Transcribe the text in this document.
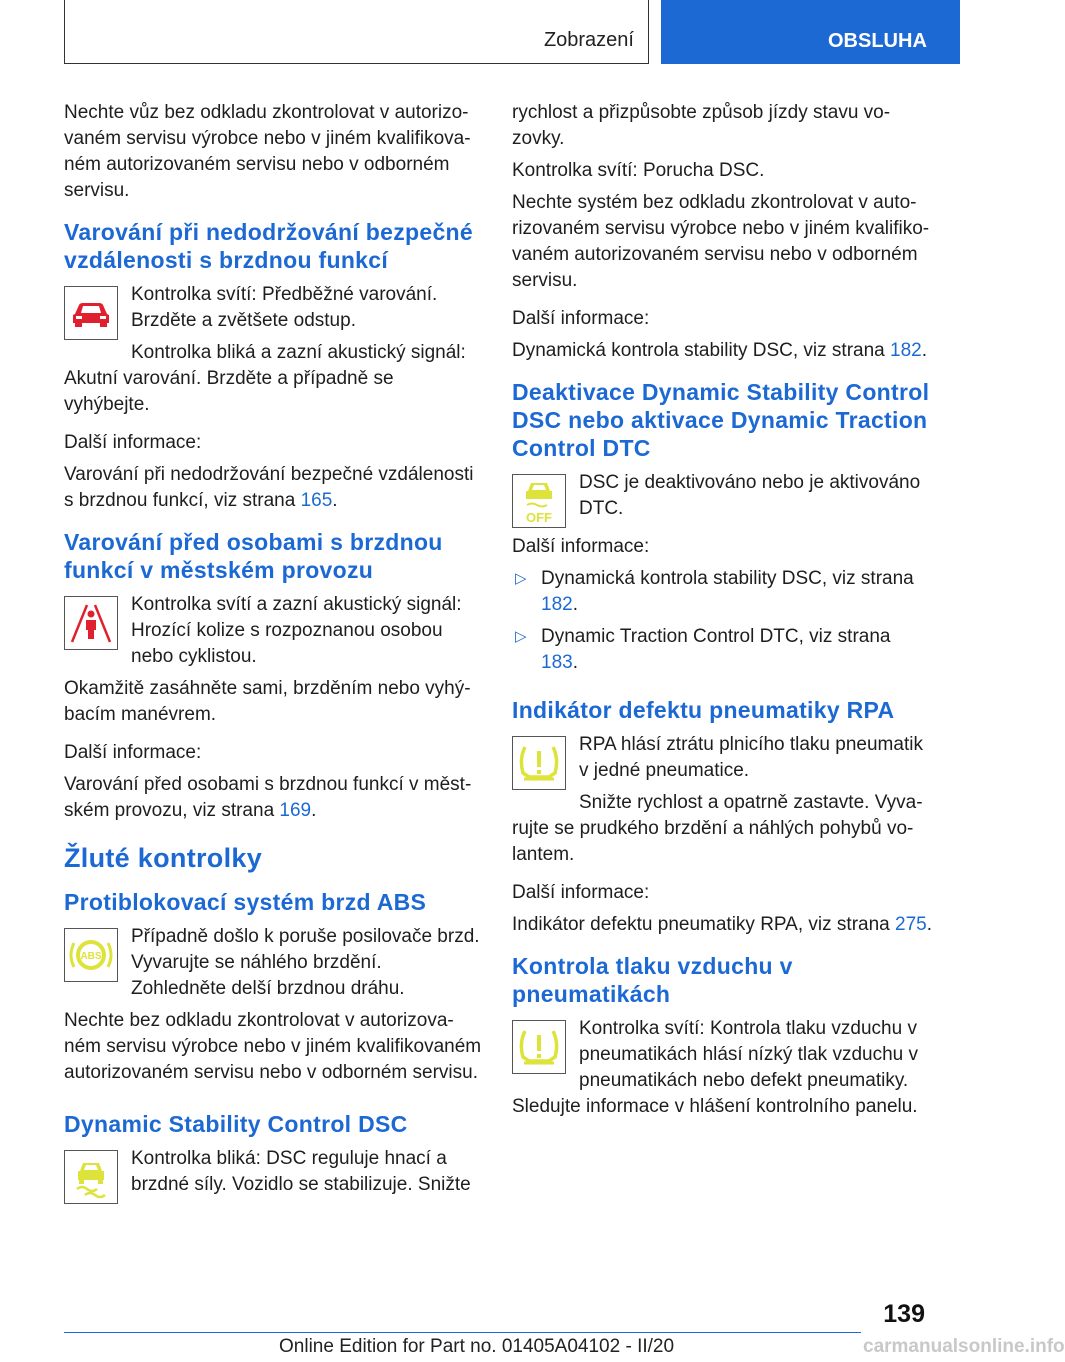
Zobrazení	OBSLUHA

Nechte vůz bez odkladu zkontrolovat v autorizovaném servisu výrobce nebo v jiném kvalifikovaném autorizovaném servisu nebo v odborném servisu.

Varování při nedodržování bezpečné vzdálenosti s brzdnou funkcí

Kontrolka svítí: Předběžné varování. Brzděte a zvětšete odstup.

Kontrolka bliká a zazní akustický signál: Akutní varování. Brzděte a případně se vyhýbejte.

Další informace:

Varování při nedodržování bezpečné vzdálenosti s brzdnou funkcí, viz strana 165.

Varování před osobami s brzdnou funkcí v městském provozu

Kontrolka svítí a zazní akustický signál: Hrozící kolize s rozpoznanou osobou nebo cyklistou.

Okamžitě zasáhněte sami, brzděním nebo vyhýbacím manévrem.

Další informace:

Varování před osobami s brzdnou funkcí v městském provozu, viz strana 169.

Žluté kontrolky
Protiblokovací systém brzd ABS
ABS

Případně došlo k poruše posilovače brzd. Vyvarujte se náhlého brzdění. Zohledněte delší brzdnou dráhu.

Nechte bez odkladu zkontrolovat v autorizovaném servisu výrobce nebo v jiném kvalifikovaném autorizovaném servisu nebo v odborném servisu.

Dynamic Stability Control DSC

Kontrolka bliká: DSC reguluje hnací a brzdné síly. Vozidlo se stabilizuje. Snižte

rychlost a přizpůsobte způsob jízdy stavu vozovky.

Kontrolka svítí: Porucha DSC.

Nechte systém bez odkladu zkontrolovat v autorizovaném servisu výrobce nebo v jiném kvalifikovaném autorizovaném servisu nebo v odborném servisu.

Další informace:

Dynamická kontrola stability DSC, viz strana 182.

Deaktivace Dynamic Stability Control DSC nebo aktivace Dynamic Traction Control DTC
OFF

DSC je deaktivováno nebo je aktivováno DTC.

Další informace:

▷ Dynamická kontrola stability DSC, viz strana 182.

▷ Dynamic Traction Control DTC, viz strana 183.

Indikátor defektu pneumatiky RPA

RPA hlásí ztrátu plnicího tlaku pneumatik v jedné pneumatice.

Snižte rychlost a opatrně zastavte. Vyvarujte se prudkého brzdění a náhlých pohybů volantem.

Další informace:

Indikátor defektu pneumatiky RPA, viz strana 275.

Kontrola tlaku vzduchu v pneumatikách

Kontrolka svítí: Kontrola tlaku vzduchu v pneumatikách hlásí nízký tlak vzduchu v pneumatikách nebo defekt pneumatiky. Sledujte informace v hlášení kontrolního panelu.

139
Online Edition for Part no. 01405A04102 - II/20	carmanualsonline.info
